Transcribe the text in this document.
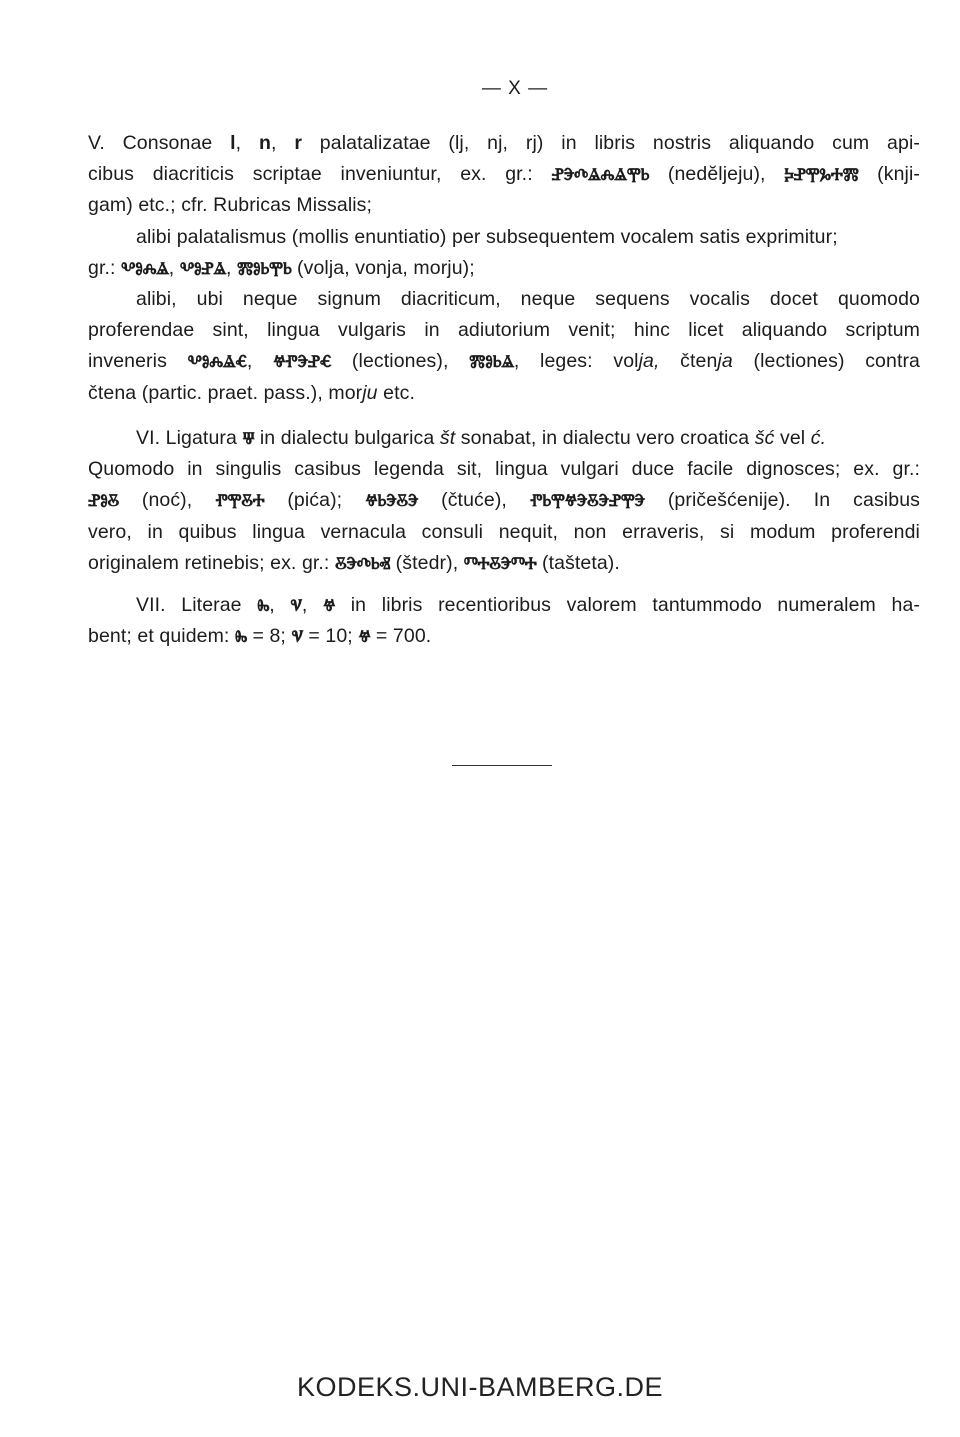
— X —
V. Consonae l, n, r palatalizatae (lj, nj, rj) in libris nostris aliquando cum api-
cibus diacriticis scriptae inveniuntur, ex. gr.: ⰐⰅⰄⰡⰎⰡⰉⰓ (nedĕljeju), ⰍⰐⰉⰃⰀⰏ (knji-
gam) etc.; cfr. Rubricas Missalis;
alibi palatalismus (mollis enuntiatio) per subsequentem vocalem satis exprimitur;
gr.: ⰂⰑⰎⰡ, ⰂⰑⰐⰡ, ⰏⰑⰓⰉⰓ (volja, vonja, morju);
alibi, ubi neque signum diacriticum, neque sequens vocalis docet quomodo
proferendae sint, lingua vulgaris in adiutorium venit; hinc licet aliquando scriptum
inveneris ⰂⰑⰎⰡⰤ, ⰝⰒⰅⰐⰤ (lectiones), ⰏⰑⰓⰡ, leges: volja, čtenja (lectiones) contra
čtena (partic. praet. pass.), morju etc.
VI. Ligatura Ⱋ in dialectu bulgarica št sonabat, in dialectu vero croatica šć vel ć.
Quomodo in singulis casibus legenda sit, lingua vulgari duce facile dignosces; ex. gr.:
ⰐⰑⰋ (noć), ⰒⰉⰋⰀ (pića); ⰝⰓⰅⰋⰅ (čtuće), ⰒⰓⰉⰝⰅⰋⰅⰐⰉⰅ (pričešćenije). In casibus
vero, in quibus lingua vernacula consuli nequit, non erraveris, si modum proferendi
originalem retinebis; ex. gr.: ⰋⰅⰄⰓⰟ (štedr), ⰕⰀⰋⰅⰕⰀ (tašteta).
VII. Literae Ⰸ, Ⱌ, Ⱍ in libris recentioribus valorem tantummodo numeralem ha-
bent; et quidem: Ⰸ = 8; Ⱌ = 10; Ⱍ = 700.
KODEKS.UNI-BAMBERG.DE
